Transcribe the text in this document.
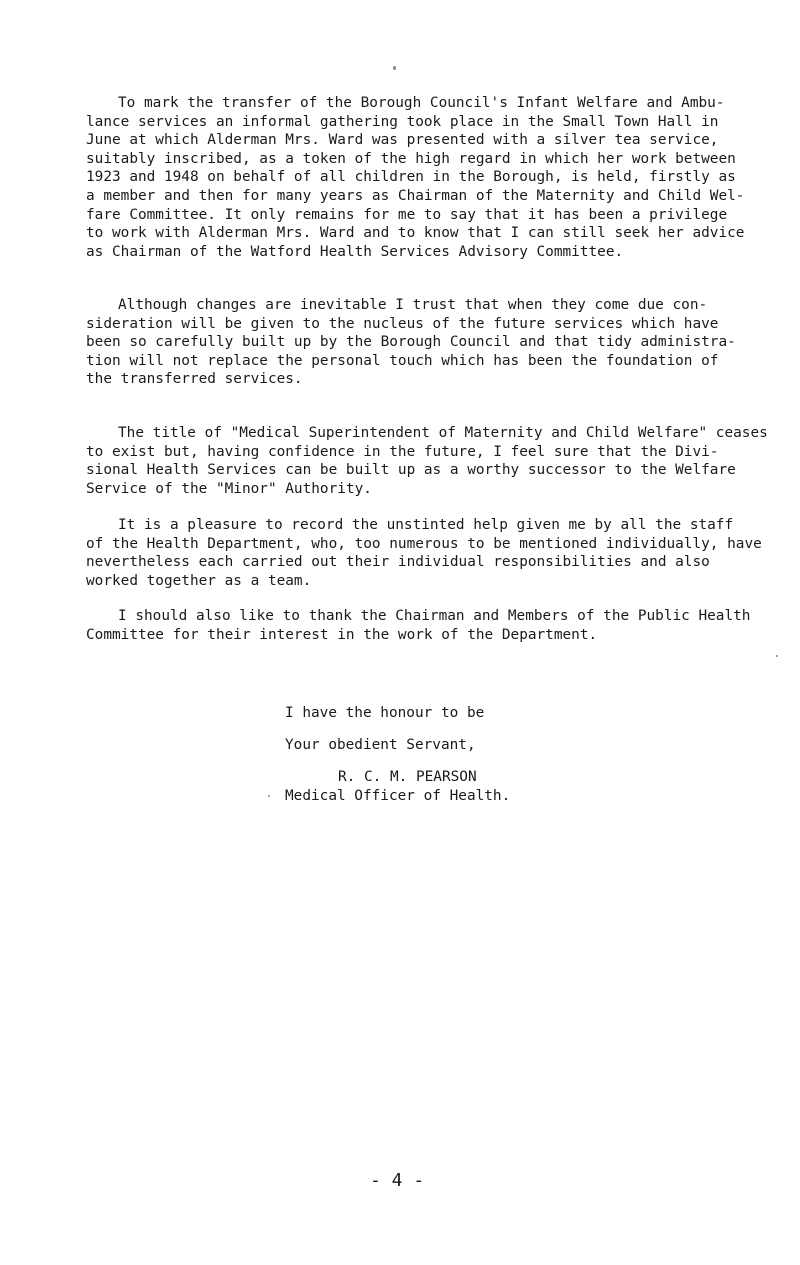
To mark the transfer of the Borough Council's Infant Welfare and Ambu-
lance services an informal gathering took place in the Small Town Hall in
June at which Alderman Mrs. Ward was presented with a silver tea service,
suitably inscribed, as a token of the high regard in which her work between
1923 and 1948 on behalf of all children in the Borough, is held, firstly as
a member and then for many years as Chairman of the Maternity and Child Wel-
fare Committee. It only remains for me to say that it has been a privilege
to work with Alderman Mrs. Ward and to know that I can still seek her advice
as Chairman of the Watford Health Services Advisory Committee.
Although changes are inevitable I trust that when they come due con-
sideration will be given to the nucleus of the future services which have
been so carefully built up by the Borough Council and that tidy administra-
tion will not replace the personal touch which has been the foundation of
the transferred services.
The title of "Medical Superintendent of Maternity and Child Welfare" ceases
to exist but, having confidence in the future, I feel sure that the Divi-
sional Health Services can be built up as a worthy successor to the Welfare
Service of the "Minor" Authority.
It is a pleasure to record the unstinted help given me by all the staff
of the Health Department, who, too numerous to be mentioned individually, have
nevertheless each carried out their individual responsibilities and also
worked together as a team.
I should also like to thank the Chairman and Members of the Public Health
Committee for their interest in the work of the Department.
I have the honour to be
Your obedient Servant,
R. C. M. PEARSON
Medical Officer of Health.
- 4 -
